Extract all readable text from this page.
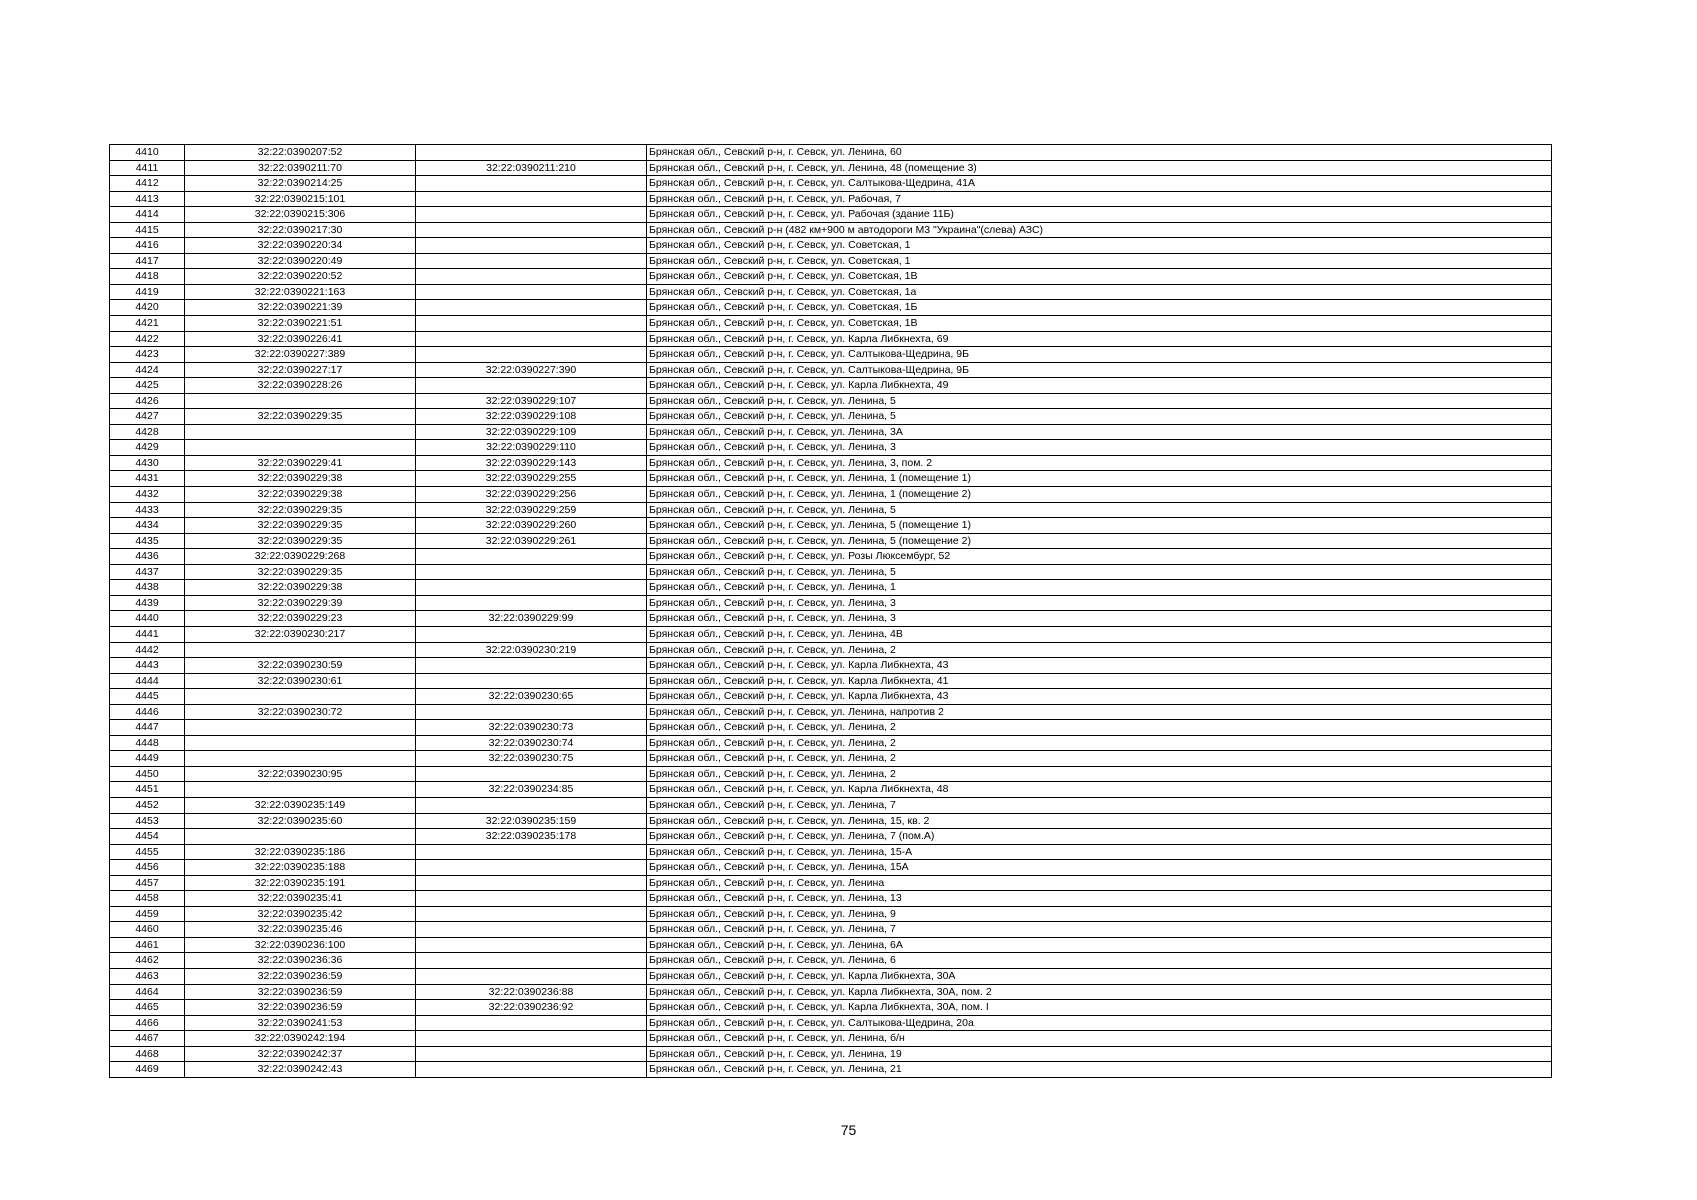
4410	32:22:0390207:52		Брянская обл., Севский р-н, г. Севск, ул. Ленина, 60
4411	32:22:0390211:70	32:22:0390211:210	Брянская обл., Севский р-н, г. Севск, ул. Ленина, 48 (помещение 3)
4412	32:22:0390214:25		Брянская обл., Севский р-н, г. Севск, ул. Салтыкова-Щедрина, 41А
4413	32:22:0390215:101		Брянская обл., Севский р-н, г. Севск, ул. Рабочая, 7
4414	32:22:0390215:306		Брянская обл., Севский р-н, г. Севск, ул. Рабочая (здание 11Б)
4415	32:22:0390217:30		Брянская обл., Севский р-н (482 км+900 м автодороги М3 "Украина"(слева) АЗС)
4416	32:22:0390220:34		Брянская обл., Севский р-н, г. Севск, ул. Советская, 1
4417	32:22:0390220:49		Брянская обл., Севский р-н, г. Севск, ул. Советская, 1
4418	32:22:0390220:52		Брянская обл., Севский р-н, г. Севск, ул. Советская, 1В
4419	32:22:0390221:163		Брянская обл., Севский р-н, г. Севск, ул. Советская, 1а
4420	32:22:0390221:39		Брянская обл., Севский р-н, г. Севск, ул. Советская, 1Б
4421	32:22:0390221:51		Брянская обл., Севский р-н, г. Севск, ул. Советская, 1В
4422	32:22:0390226:41		Брянская обл., Севский р-н, г. Севск, ул. Карла Либкнехта, 69
4423	32:22:0390227:389		Брянская обл., Севский р-н, г. Севск, ул. Салтыкова-Щедрина, 9Б
4424	32:22:0390227:17	32:22:0390227:390	Брянская обл., Севский р-н, г. Севск, ул. Салтыкова-Щедрина, 9Б
4425	32:22:0390228:26		Брянская обл., Севский р-н, г. Севск, ул. Карла Либкнехта, 49
4426		32:22:0390229:107	Брянская обл., Севский р-н, г. Севск, ул. Ленина, 5
4427	32:22:0390229:35	32:22:0390229:108	Брянская обл., Севский р-н, г. Севск, ул. Ленина, 5
4428		32:22:0390229:109	Брянская обл., Севский р-н, г. Севск, ул. Ленина, 3А
4429		32:22:0390229:110	Брянская обл., Севский р-н, г. Севск, ул. Ленина, 3
4430	32:22:0390229:41	32:22:0390229:143	Брянская обл., Севский р-н, г. Севск, ул. Ленина, 3, пом. 2
4431	32:22:0390229:38	32:22:0390229:255	Брянская обл., Севский р-н, г. Севск, ул. Ленина, 1 (помещение 1)
4432	32:22:0390229:38	32:22:0390229:256	Брянская обл., Севский р-н, г. Севск, ул. Ленина, 1 (помещение 2)
4433	32:22:0390229:35	32:22:0390229:259	Брянская обл., Севский р-н, г. Севск, ул. Ленина, 5
4434	32:22:0390229:35	32:22:0390229:260	Брянская обл., Севский р-н, г. Севск, ул. Ленина, 5 (помещение 1)
4435	32:22:0390229:35	32:22:0390229:261	Брянская обл., Севский р-н, г. Севск, ул. Ленина, 5 (помещение 2)
4436	32:22:0390229:268		Брянская обл., Севский р-н, г. Севск, ул. Розы Люксембург, 52
4437	32:22:0390229:35		Брянская обл., Севский р-н, г. Севск, ул. Ленина, 5
4438	32:22:0390229:38		Брянская обл., Севский р-н, г. Севск, ул. Ленина, 1
4439	32:22:0390229:39		Брянская обл., Севский р-н, г. Севск, ул. Ленина, 3
4440	32:22:0390229:23	32:22:0390229:99	Брянская обл., Севский р-н, г. Севск, ул. Ленина, 3
4441	32:22:0390230:217		Брянская обл., Севский р-н, г. Севск, ул. Ленина, 4В
4442		32:22:0390230:219	Брянская обл., Севский р-н, г. Севск, ул. Ленина, 2
4443	32:22:0390230:59		Брянская обл., Севский р-н, г. Севск, ул. Карла Либкнехта, 43
4444	32:22:0390230:61		Брянская обл., Севский р-н, г. Севск, ул. Карла Либкнехта, 41
4445		32:22:0390230:65	Брянская обл., Севский р-н, г. Севск, ул. Карла Либкнехта, 43
4446	32:22:0390230:72		Брянская обл., Севский р-н, г. Севск, ул. Ленина, напротив 2
4447		32:22:0390230:73	Брянская обл., Севский р-н, г. Севск, ул. Ленина, 2
4448		32:22:0390230:74	Брянская обл., Севский р-н, г. Севск, ул. Ленина, 2
4449		32:22:0390230:75	Брянская обл., Севский р-н, г. Севск, ул. Ленина, 2
4450	32:22:0390230:95		Брянская обл., Севский р-н, г. Севск, ул. Ленина, 2
4451		32:22:0390234:85	Брянская обл., Севский р-н, г. Севск, ул. Карла Либкнехта, 48
4452	32:22:0390235:149		Брянская обл., Севский р-н, г. Севск, ул. Ленина, 7
4453	32:22:0390235:60	32:22:0390235:159	Брянская обл., Севский р-н, г. Севск, ул. Ленина, 15, кв. 2
4454		32:22:0390235:178	Брянская обл., Севский р-н, г. Севск, ул. Ленина, 7 (пом.А)
4455	32:22:0390235:186		Брянская обл., Севский р-н, г. Севск, ул. Ленина, 15-А
4456	32:22:0390235:188		Брянская обл., Севский р-н, г. Севск, ул. Ленина, 15А
4457	32:22:0390235:191		Брянская обл., Севский р-н, г. Севск, ул. Ленина
4458	32:22:0390235:41		Брянская обл., Севский р-н, г. Севск, ул. Ленина, 13
4459	32:22:0390235:42		Брянская обл., Севский р-н, г. Севск, ул. Ленина, 9
4460	32:22:0390235:46		Брянская обл., Севский р-н, г. Севск, ул. Ленина, 7
4461	32:22:0390236:100		Брянская обл., Севский р-н, г. Севск, ул. Ленина, 6А
4462	32:22:0390236:36		Брянская обл., Севский р-н, г. Севск, ул. Ленина, 6
4463	32:22:0390236:59		Брянская обл., Севский р-н, г. Севск, ул. Карла Либкнехта, 30А
4464	32:22:0390236:59	32:22:0390236:88	Брянская обл., Севский р-н, г. Севск, ул. Карла Либкнехта, 30А, пом. 2
4465	32:22:0390236:59	32:22:0390236:92	Брянская обл., Севский р-н, г. Севск, ул. Карла Либкнехта, 30А, пом. I
4466	32:22:0390241:53		Брянская обл., Севский р-н, г. Севск, ул. Салтыкова-Щедрина, 20а
4467	32:22:0390242:194		Брянская обл., Севский р-н, г. Севск, ул. Ленина, б/н
4468	32:22:0390242:37		Брянская обл., Севский р-н, г. Севск, ул. Ленина, 19
4469	32:22:0390242:43		Брянская обл., Севский р-н, г. Севск, ул. Ленина, 21
75
